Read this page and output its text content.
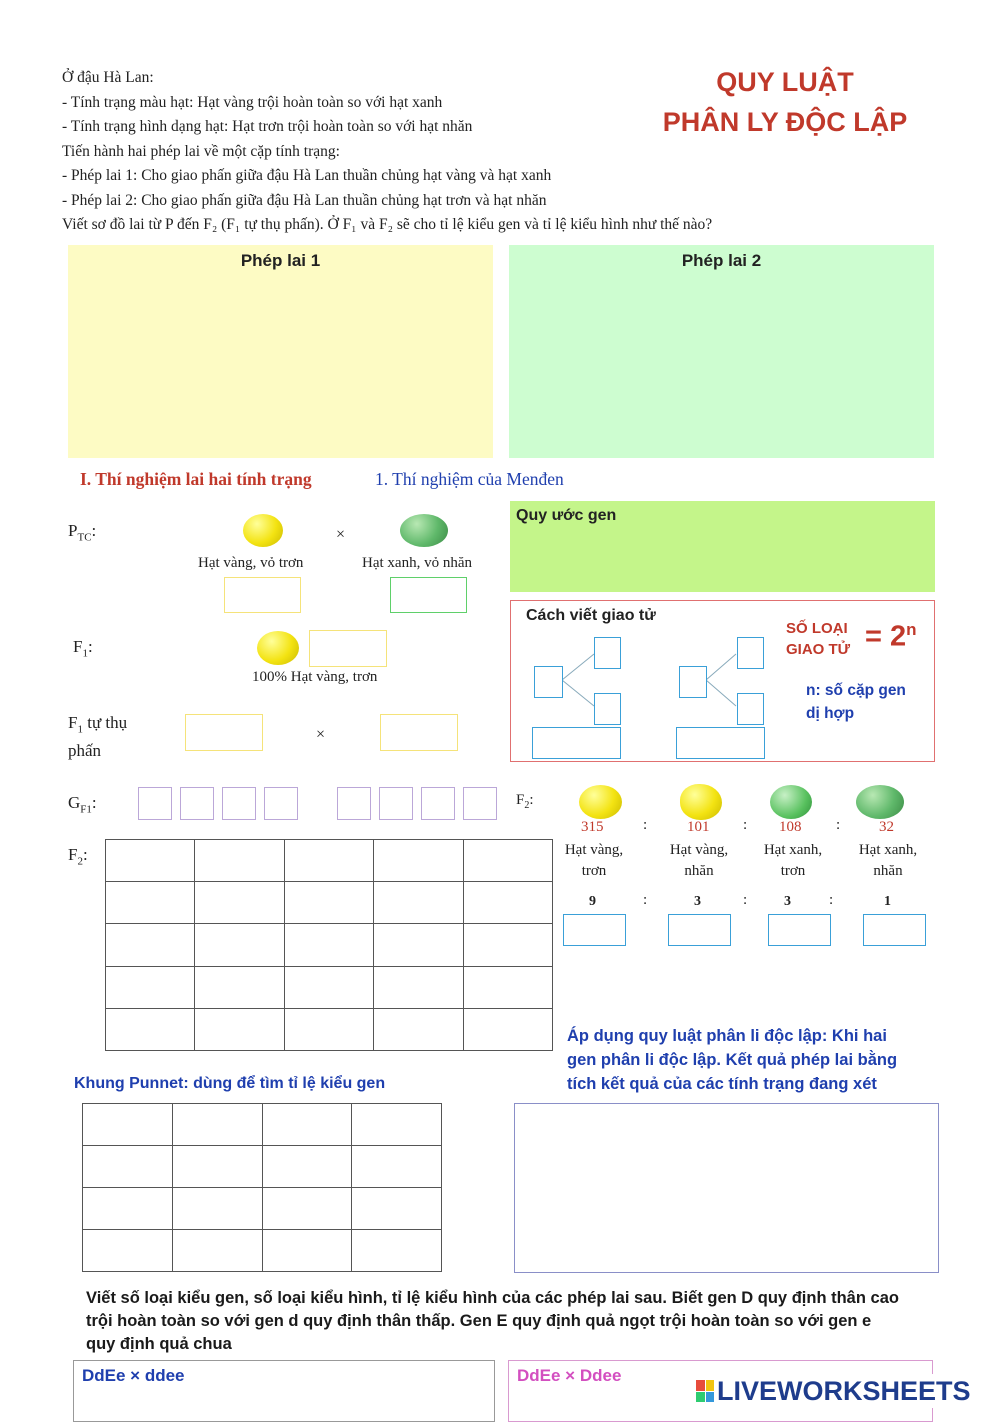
Ở đậu Hà Lan:
- Tính trạng màu hạt: Hạt vàng trội hoàn toàn so với hạt xanh
- Tính trạng hình dạng hạt: Hạt trơn trội hoàn toàn so với hạt nhăn
Tiến hành hai phép lai về một cặp tính trạng:
- Phép lai 1: Cho giao phấn giữa đậu Hà Lan thuần chủng hạt vàng và hạt xanh
- Phép lai 2: Cho giao phấn giữa đậu Hà Lan thuần chủng hạt trơn và hạt nhăn
Viết sơ đồ lai từ P đến F₂ (F₁ tự thụ phấn). Ở F₁ và F₂ sẽ cho tỉ lệ kiểu gen và tỉ lệ kiểu hình như thế nào?
QUY LUẬT
PHÂN LY ĐỘC LẬP
Phép lai 1	Phép lai 2
I. Thí nghiệm lai hai tính trạng	1. Thí nghiệm của Menđen
$P_{TC}$:	×
Hạt vàng, vỏ trơn	Hạt xanh, vỏ nhăn
$F_1$:
100% Hạt vàng, trơn
$F_1$ tự thụ
phấn
×
$G_{F1}$:
$F_2$:

Quy ước gen
Cách viết giao tử
SỐ LOẠI
GIAO TỬ = $2^n$
n: số cặp gen
dị hợp
$F_2$:
315	:	101 : 108 :	32
Hạt vàng,
trơn
Hạt vàng,
nhăn
Hạt xanh,
trơn
Hạt xanh,
nhăn
9	:	3	:	3	:	1
Áp dụng quy luật phân li độc lập: Khi hai
gen phân li độc lập. Kết quả phép lai bằng
tích kết quả của các tính trạng đang xét
Khung Punnet: dùng để tìm tỉ lệ kiểu gen

Viết số loại kiểu gen, số loại kiểu hình, tỉ lệ kiểu hình của các phép lai sau. Biết gen D quy định thân cao
trội hoàn toàn so với gen d quy định thân thấp. Gen E quy định quả ngọt trội hoàn toàn so với gen e
quy định quả chua
DdEe × ddee	DdEe × Ddee	LIVEWORKSHEETS
